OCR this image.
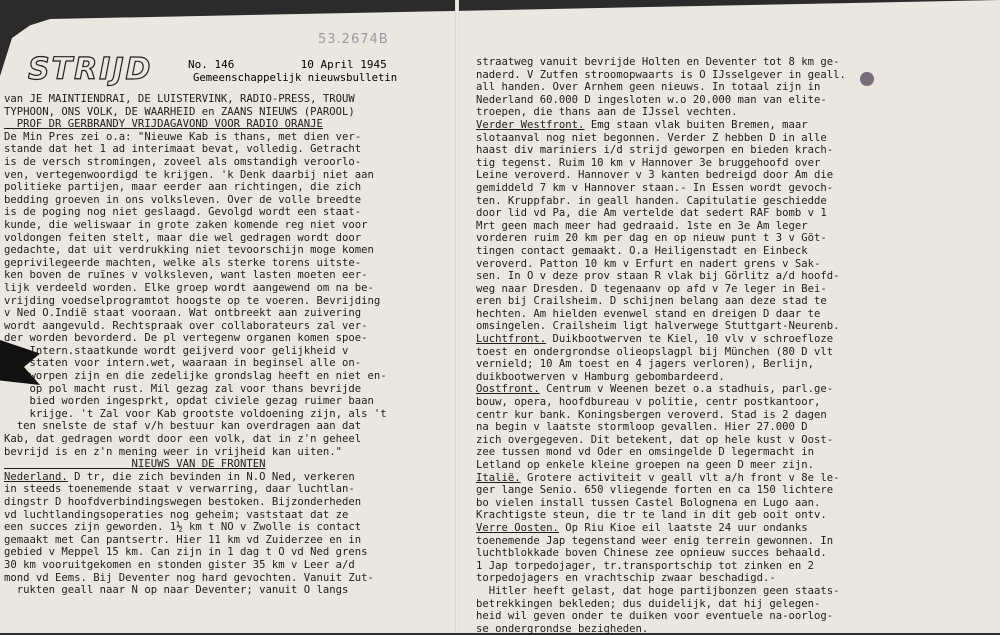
53.2674B
STRIJD	No. 146	10 April 1945
Gemeenschappelijk nieuwsbulletin
van JE MAINTIENDRAI, DE LUISTERVINK, RADIO-PRESS, TROUW
TYPHOON, ONS VOLK, DE WAARHEID en ZAANS NIEUWS (PAROOL)
PROF DR GERBRANDY VRIJDAGAVOND VOOR RADIO ORANJE
De Min Pres zei o.a: "Nieuwe Kab is thans, met dien ver-
stande dat het 1 ad interimaat bevat, volledig. Getracht
is de versch stromingen, zoveel als omstandigh veroorlo-
ven, vertegenwoordigd te krijgen. 'k Denk daarbij niet aan
politieke partijen, maar eerder aan richtingen, die zich
bedding groeven in ons volksleven. Over de volle breedte
is de poging nog niet geslaagd. Gevolgd wordt een staat-
kunde, die weliswaar in grote zaken komende reg niet voor
voldongen feiten stelt, maar die wel gedragen wordt door
gedachte, dat uit verdrukking niet tevoorschijn moge komen
geprivilegeerde machten, welke als sterke torens uitste-
ken boven de ruïnes v volksleven, want lasten moeten eer-
lijk verdeeld worden. Elke groep wordt aangewend om na be-
vrijding voedselprogramtot hoogste op te voeren. Bevrijding
v Ned O.Indië staat vooraan. Wat ontbreekt aan zuivering
wordt aangevuld. Rechtspraak over collaborateurs zal ver-
der worden bevorderd. De pl vertegenw organen komen spoe-
Intern.staatkunde wordt geijverd voor gelijkheid v
staten voor intern.wet, waaraan in beginsel alle on-
worpen zijn en die zedelijke grondslag heeft en niet en-
op pol macht rust. Mil gezag zal voor thans bevrijde
bied worden ingesprkt, opdat civiele gezag ruimer baan
krijge. 't Zal voor Kab grootste voldoening zijn, als 't
ten snelste de staf v/h bestuur kan overdragen aan dat
Kab, dat gedragen wordt door een volk, dat in z'n geheel
bevrijd is en z'n mening weer in vrijheid kan uiten."
NIEUWS VAN DE FRONTEN
Nederland. D tr, die zich bevinden in N.O Ned, verkeren
in steeds toenemende staat v verwarring, daar luchtlan-
dingstr D hoofdverbindingswegen bestoken. Bijzonderheden
vd luchtlandingsoperaties nog geheim; vaststaat dat ze
een succes zijn geworden. 1½ km t NO v Zwolle is contact
gemaakt met Can pantsertr. Hier 11 km vd Zuiderzee en in
gebied v Meppel 15 km. Can zijn in 1 dag t O vd Ned grens
30 km vooruitgekomen en stonden gister 35 km v Leer a/d
mond vd Eems. Bij Deventer nog hard gevochten. Vanuit Zut-
rukten geall naar N op naar Deventer; vanuit O langs
straatweg vanuit bevrijde Holten en Deventer tot 8 km ge-
naderd. V Zutfen stroomopwaarts is O IJsselgever in geall.
all handen. Over Arnhem geen nieuws. In totaal zijn in
Nederland 60.000 D ingesloten w.o 20.000 man van elite-
troepen, die thans aan de IJssel vechten.
Verder Westfront. Emg staan vlak buiten Bremen, maar
slotaanval nog niet begonnen. Verder Z hebben D in alle
haast div mariniers i/d strijd geworpen en bieden krach-
tig tegenst. Ruim 10 km v Hannover 3e bruggehoofd over
Leine veroverd. Hannover v 3 kanten bedreigd door Am die
gemiddeld 7 km v Hannover staan.- In Essen wordt gevoch-
ten. Kruppfabr. in geall handen. Capitulatie geschiedde
door lid vd Pa, die Am vertelde dat sedert RAF bomb v 1
Mrt geen mach meer had gedraaid. 1ste en 3e Am leger
vorderen ruim 20 km per dag en op nieuw punt t 3 v Göt-
tingen contact gemaakt. O.a Heiligenstadt en Einbeck
veroverd. Patton 10 km v Erfurt en nadert grens v Sak-
sen. In O v deze prov staan R vlak bij Görlitz a/d hoofd-
weg naar Dresden. D tegenaanv op afd v 7e leger in Bei-
eren bij Crailsheim. D schijnen belang aan deze stad te
hechten. Am hielden evenwel stand en dreigen D daar te
omsingelen. Crailsheim ligt halverwege Stuttgart-Neurenb.
Luchtfront. Duikbootwerven te Kiel, 10 vlv v schroefloze
toest en ondergrondse olieopslagpl bij München (80 D vlt
vernield; 10 Am toest en 4 jagers verloren), Berlijn,
duikbootwerven v Hamburg gebombardeerd.
Oostfront. Centrum v Weenen bezet o.a stadhuis, parl.ge-
bouw, opera, hoofdbureau v politie, centr postkantoor,
centr kur bank. Koningsbergen veroverd. Stad is 2 dagen
na begin v laatste stormloop gevallen. Hier 27.000 D
zich overgegeven. Dit betekent, dat op hele kust v Oost-
zee tussen mond vd Oder en omsingelde D legermacht in
Letland op enkele kleine groepen na geen D meer zijn.
Italië. Grotere activiteit v geall vlt a/h front v 8e le-
ger lange Senio. 650 vliegende forten en ca 150 lichtere
bo vielen install tussen Castel Bolognena en Lugo aan.
Krachtigste steun, die tr te land in dit geb ooit ontv.
Verre Oosten. Op Riu Kioe eil laatste 24 uur ondanks
toenemende Jap tegenstand weer enig terrein gewonnen. In
luchtblokkade boven Chinese zee opnieuw succes behaald.
1 Jap torpedojager, tr.transportschip tot zinken en 2
torpedojagers en vrachtschip zwaar beschadigd.-
Hitler heeft gelast, dat hoge partijbonzen geen staats-
betrekkingen bekleden; dus duidelijk, dat hij gelegen-
heid wil geven onder te duiken voor eventuele na-oorlog-
se ondergrondse bezigheden.
